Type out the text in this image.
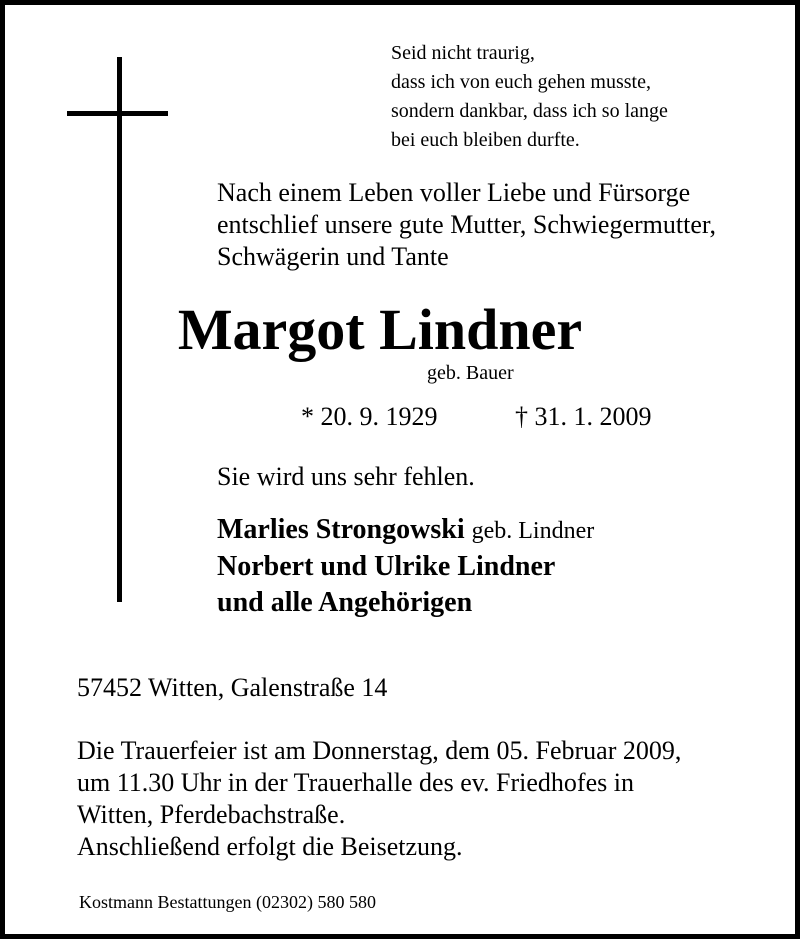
Seid nicht traurig,
dass ich von euch gehen musste,
sondern dankbar, dass ich so lange
bei euch bleiben durfte.
Nach einem Leben voller Liebe und Fürsorge
entschlief unsere gute Mutter, Schwiegermutter,
Schwägerin und Tante
Margot Lindner
geb. Bauer
* 20. 9. 1929	† 31. 1. 2009
Sie wird uns sehr fehlen.
Marlies Strongowski geb. Lindner
Norbert und Ulrike Lindner
und alle Angehörigen
57452 Witten, Galenstraße 14
Die Trauerfeier ist am Donnerstag, dem 05. Februar 2009,
um 11.30 Uhr in der Trauerhalle des ev. Friedhofes in
Witten, Pferdebachstraße.
Anschließend erfolgt die Beisetzung.
Kostmann Bestattungen (02302) 580 580
